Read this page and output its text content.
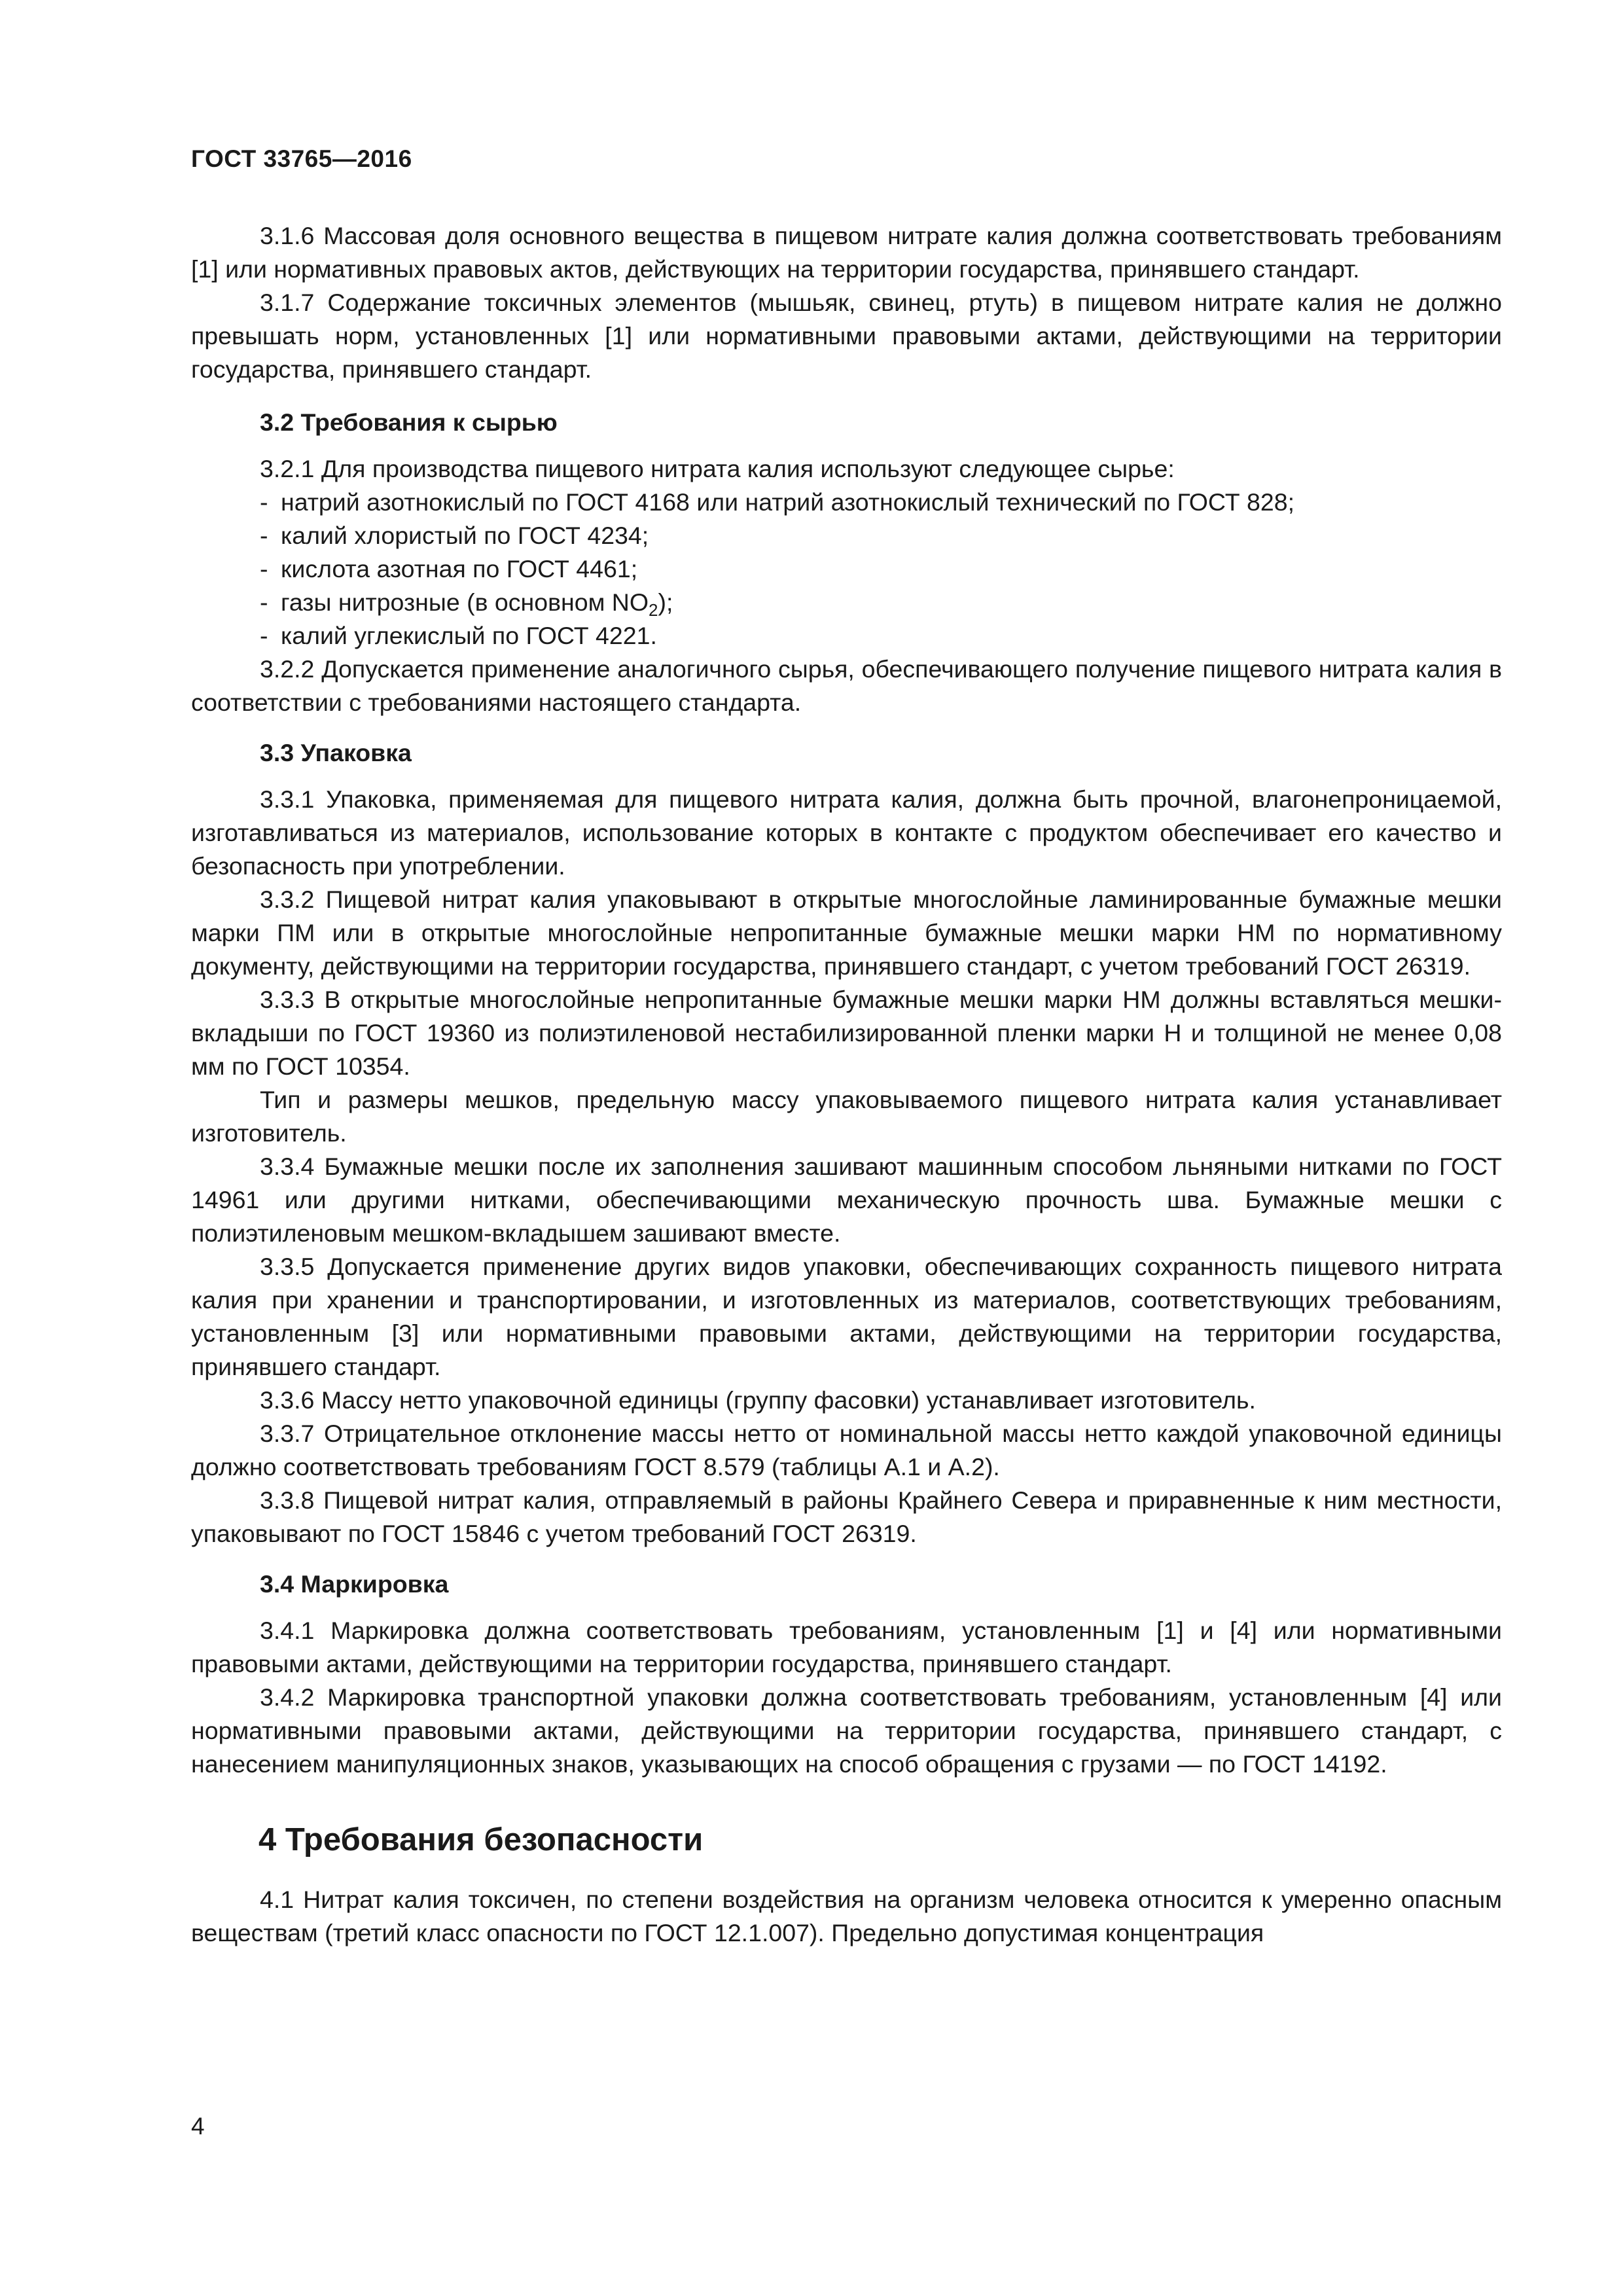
ГОСТ 33765—2016

3.1.6 Массовая доля основного вещества в пищевом нитрате калия должна соответствовать требованиям [1] или нормативных правовых актов, действующих на территории государства, принявшего стандарт.

3.1.7 Содержание токсичных элементов (мышьяк, свинец, ртуть) в пищевом нитрате калия не должно превышать норм, установленных [1] или нормативными правовыми актами, действующими на территории государства, принявшего стандарт.

3.2 Требования к сырью

3.2.1 Для производства пищевого нитрата калия используют следующее сырье:

- натрий азотнокислый по ГОСТ 4168 или натрий азотнокислый технический по ГОСТ 828;
- калий хлористый по ГОСТ 4234;
- кислота азотная по ГОСТ 4461;
- газы нитрозные (в основном $NO_2$);
- калий углекислый по ГОСТ 4221.

3.2.2 Допускается применение аналогичного сырья, обеспечивающего получение пищевого нитрата калия в соответствии с требованиями настоящего стандарта.

3.3 Упаковка

3.3.1 Упаковка, применяемая для пищевого нитрата калия, должна быть прочной, влагонепроницаемой, изготавливаться из материалов, использование которых в контакте с продуктом обеспечивает его качество и безопасность при употреблении.

3.3.2 Пищевой нитрат калия упаковывают в открытые многослойные ламинированные бумажные мешки марки ПМ или в открытые многослойные непропитанные бумажные мешки марки НМ по нормативному документу, действующими на территории государства, принявшего стандарт, с учетом требований ГОСТ 26319.

3.3.3 В открытые многослойные непропитанные бумажные мешки марки НМ должны вставляться мешки-вкладыши по ГОСТ 19360 из полиэтиленовой нестабилизированной пленки марки Н и толщиной не менее 0,08 мм по ГОСТ 10354.

Тип и размеры мешков, предельную массу упаковываемого пищевого нитрата калия устанавливает изготовитель.

3.3.4 Бумажные мешки после их заполнения зашивают машинным способом льняными нитками по ГОСТ 14961 или другими нитками, обеспечивающими механическую прочность шва. Бумажные мешки с полиэтиленовым мешком-вкладышем зашивают вместе.

3.3.5 Допускается применение других видов упаковки, обеспечивающих сохранность пищевого нитрата калия при хранении и транспортировании, и изготовленных из материалов, соответствующих требованиям, установленным [3] или нормативными правовыми актами, действующими на территории государства, принявшего стандарт.

3.3.6 Массу нетто упаковочной единицы (группу фасовки) устанавливает изготовитель.

3.3.7 Отрицательное отклонение массы нетто от номинальной массы нетто каждой упаковочной единицы должно соответствовать требованиям ГОСТ 8.579 (таблицы А.1 и А.2).

3.3.8 Пищевой нитрат калия, отправляемый в районы Крайнего Севера и приравненные к ним местности, упаковывают по ГОСТ 15846 с учетом требований ГОСТ 26319.

3.4 Маркировка

3.4.1 Маркировка должна соответствовать требованиям, установленным [1] и [4] или нормативными правовыми актами, действующими на территории государства, принявшего стандарт.

3.4.2 Маркировка транспортной упаковки должна соответствовать требованиям, установленным [4] или нормативными правовыми актами, действующими на территории государства, принявшего стандарт, с нанесением манипуляционных знаков, указывающих на способ обращения с грузами — по ГОСТ 14192.

4 Требования безопасности

4.1 Нитрат калия токсичен, по степени воздействия на организм человека относится к умеренно опасным веществам (третий класс опасности по ГОСТ 12.1.007). Предельно допустимая концентрация

4
